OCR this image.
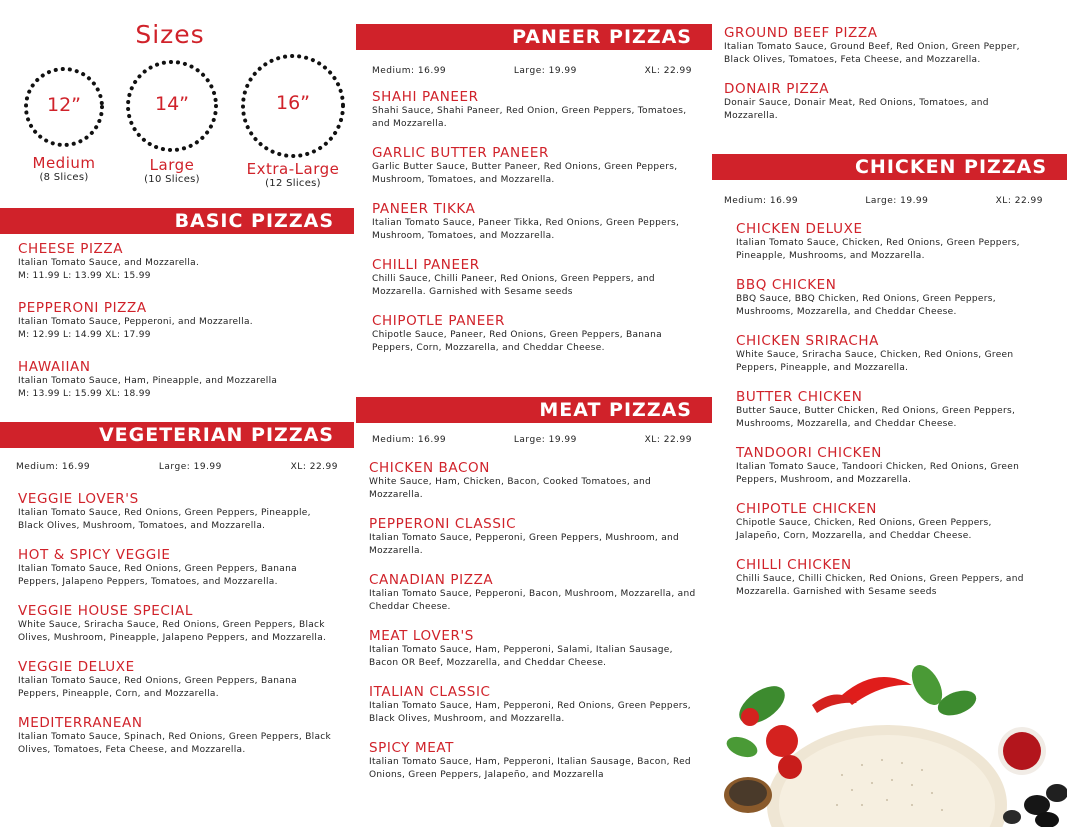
Sizes
12”
Medium
(8 Slices)
14”
Large
(10 Slices)
16”
Extra-Large
(12 Slices)
BASIC PIZZAS
CHEESE PIZZA
Italian Tomato Sauce, and Mozzarella.
M: 11.99 L: 13.99 XL: 15.99
PEPPERONI PIZZA
Italian Tomato Sauce, Pepperoni, and Mozzarella.
M: 12.99 L: 14.99 XL: 17.99
HAWAIIAN
Italian Tomato Sauce, Ham, Pineapple, and Mozzarella
M: 13.99 L: 15.99 XL: 18.99
VEGETERIAN PIZZAS
Medium: 16.99	Large: 19.99	XL: 22.99
VEGGIE LOVER'S
Italian Tomato Sauce, Red Onions, Green Peppers, Pineapple, Black Olives, Mushroom, Tomatoes, and Mozzarella.
HOT & SPICY VEGGIE
Italian Tomato Sauce, Red Onions, Green Peppers, Banana Peppers, Jalapeno Peppers, Tomatoes, and Mozzarella.
VEGGIE HOUSE SPECIAL
White Sauce, Sriracha Sauce, Red Onions, Green Peppers, Black Olives, Mushroom, Pineapple, Jalapeno Peppers, and Mozzarella.
VEGGIE DELUXE
Italian Tomato Sauce, Red Onions, Green Peppers, Banana Peppers, Pineapple, Corn, and Mozzarella.
MEDITERRANEAN
Italian Tomato Sauce, Spinach, Red Onions, Green Peppers, Black Olives, Tomatoes, Feta Cheese, and Mozzarella.
PANEER PIZZAS
Medium: 16.99	Large: 19.99	XL: 22.99
SHAHI PANEER
Shahi Sauce, Shahi Paneer, Red Onion, Green Peppers, Tomatoes, and Mozzarella.
GARLIC BUTTER PANEER
Garlic Butter Sauce, Butter Paneer, Red Onions, Green Peppers, Mushroom, Tomatoes, and Mozzarella.
PANEER TIKKA
Italian Tomato Sauce, Paneer Tikka, Red Onions, Green Peppers, Mushroom, Tomatoes, and Mozzarella.
CHILLI PANEER
Chilli Sauce, Chilli Paneer, Red Onions, Green Peppers, and Mozzarella. Garnished with Sesame seeds
CHIPOTLE PANEER
Chipotle Sauce, Paneer, Red Onions, Green Peppers, Banana Peppers, Corn, Mozzarella, and Cheddar Cheese.
MEAT PIZZAS
Medium: 16.99	Large: 19.99	XL: 22.99
CHICKEN BACON
White Sauce, Ham, Chicken, Bacon, Cooked Tomatoes, and Mozzarella.
PEPPERONI CLASSIC
Italian Tomato Sauce, Pepperoni, Green Peppers, Mushroom, and Mozzarella.
CANADIAN PIZZA
Italian Tomato Sauce, Pepperoni, Bacon, Mushroom, Mozzarella, and Cheddar Cheese.
MEAT LOVER'S
Italian Tomato Sauce, Ham, Pepperoni, Salami, Italian Sausage, Bacon OR Beef, Mozzarella, and Cheddar Cheese.
ITALIAN CLASSIC
Italian Tomato Sauce, Ham, Pepperoni, Red Onions, Green Peppers, Black Olives, Mushroom, and Mozzarella.
SPICY MEAT
Italian Tomato Sauce, Ham, Pepperoni, Italian Sausage, Bacon, Red Onions, Green Peppers, Jalapeño, and Mozzarella
GROUND BEEF PIZZA
Italian Tomato Sauce, Ground Beef, Red Onion, Green Pepper, Black Olives, Tomatoes, Feta Cheese, and Mozzarella.
DONAIR PIZZA
Donair Sauce, Donair Meat, Red Onions, Tomatoes, and Mozzarella.
CHICKEN PIZZAS
Medium: 16.99	Large: 19.99	XL: 22.99
CHICKEN DELUXE
Italian Tomato Sauce, Chicken, Red Onions, Green Peppers, Pineapple, Mushrooms, and Mozzarella.
BBQ CHICKEN
BBQ Sauce, BBQ Chicken, Red Onions, Green Peppers, Mushrooms, Mozzarella, and Cheddar Cheese.
CHICKEN SRIRACHA
White Sauce, Sriracha Sauce, Chicken, Red Onions, Green Peppers, Pineapple, and Mozzarella.
BUTTER CHICKEN
Butter Sauce, Butter Chicken, Red Onions, Green Peppers, Mushrooms, Mozzarella, and Cheddar Cheese.
TANDOORI CHICKEN
Italian Tomato Sauce, Tandoori Chicken, Red Onions, Green Peppers, Mushroom, and Mozzarella.
CHIPOTLE CHICKEN
Chipotle Sauce, Chicken, Red Onions, Green Peppers, Jalapeño, Corn, Mozzarella, and Cheddar Cheese.
CHILLI CHICKEN
Chilli Sauce, Chilli Chicken, Red Onions, Green Peppers, and Mozzarella. Garnished with Sesame seeds
